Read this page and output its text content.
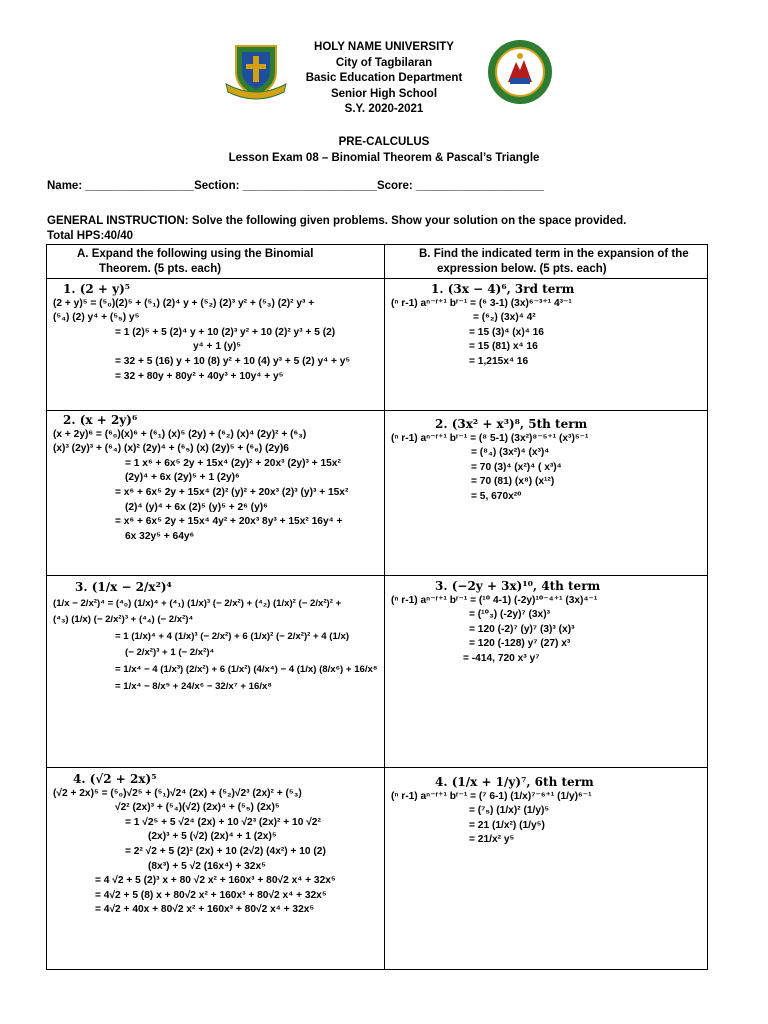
HOLY NAME UNIVERSITY
City of Tagbilaran
Basic Education Department
Senior High School
S.Y. 2020-2021
PRE-CALCULUS
Lesson Exam 08 – Binomial Theorem & Pascal’s Triangle
Name: _________________Section: _____________________Score: ____________________
GENERAL INSTRUCTION: Solve the following given problems. Show your solution on the space provided.
Total HPS:40/40
A. Expand the following using the Binomial
Theorem. (5 pts. each)
B. Find the indicated term in the expansion of the
expression below. (5 pts. each)
1. (2 + y)⁵
(2 + y)⁵ = (⁵₀)(2)⁵ + (⁵₁) (2)⁴ y + (⁵₂) (2)³ y² + (⁵₃) (2)² y³ +
(⁵₄) (2) y⁴ + (⁵₅) y⁵
= 1 (2)⁵ + 5 (2)⁴ y + 10 (2)³ y² + 10 (2)² y³ + 5 (2)
y⁴ + 1 (y)⁵
= 32 + 5 (16) y + 10 (8) y² + 10 (4) y³ + 5 (2) y⁴ + y⁵
= 32 + 80y + 80y² + 40y³ + 10y⁴ + y⁵
2. (x + 2y)⁶
(x + 2y)⁶ = (⁶₀)(x)⁶ + (⁶₁) (x)⁵ (2y) + (⁶₂) (x)⁴ (2y)² + (⁶₃)
(x)³ (2y)³ + (⁶₄) (x)² (2y)⁴ + (⁶₅) (x) (2y)⁵ + (⁶₆) (2y)6
= 1 x⁶ + 6x⁵ 2y + 15x⁴ (2y)² + 20x³ (2y)³ + 15x²
(2y)⁴ + 6x (2y)⁵ + 1 (2y)⁶
= x⁶ + 6x⁵ 2y + 15x⁴ (2)² (y)² + 20x³ (2)³ (y)³ + 15x²
(2)⁴ (y)⁴ + 6x (2)⁵ (y)⁵ + 2⁶ (y)⁶
= x⁶ + 6x⁵ 2y + 15x⁴ 4y² + 20x³ 8y³ + 15x² 16y⁴ +
6x 32y⁵ + 64y⁶
3. (1/x − 2/x²)⁴
(1/x − 2/x²)⁴ = (⁴₀) (1/x)⁴ + (⁴₁) (1/x)³ (− 2/x²) + (⁴₂) (1/x)² (− 2/x²)² +
(⁴₃) (1/x) (− 2/x²)³ + (⁴₄) (− 2/x²)⁴
= 1 (1/x)⁴ + 4 (1/x)³ (− 2/x²) + 6 (1/x)² (− 2/x²)² + 4 (1/x)
(− 2/x²)³ + 1 (− 2/x²)⁴
= 1/x⁴ − 4 (1/x³) (2/x²) + 6 (1/x²) (4/x⁴) − 4 (1/x) (8/x⁶) + 16/x⁸
= 1/x⁴ − 8/x⁵ + 24/x⁶ − 32/x⁷ + 16/x⁸
4. (√2 + 2x)⁵
(√2 + 2x)⁵ = (⁵₀)√2⁵ + (⁵₁)√2⁴ (2x) + (⁵₂)√2³ (2x)² + (⁵₃)
√2² (2x)³ + (⁵₄)(√2) (2x)⁴ + (⁵₅) (2x)⁵
= 1 √2⁵ + 5 √2⁴ (2x) + 10 √2³ (2x)² + 10 √2²
(2x)³ + 5 (√2) (2x)⁴ + 1 (2x)⁵
= 2² √2 + 5 (2)² (2x) + 10 (2√2) (4x²) + 10 (2)
(8x³) + 5 √2 (16x⁴) + 32x⁵
= 4 √2 + 5 (2)³ x + 80 √2 x² + 160x³ + 80√2 x⁴ + 32x⁵
= 4√2 + 5 (8) x + 80√2 x² + 160x³ + 80√2 x⁴ + 32x⁵
= 4√2 + 40x + 80√2 x² + 160x³ + 80√2 x⁴ + 32x⁵
1. (3x − 4)⁶, 3rd term
(ⁿ r-1) aⁿ⁻ʳ⁺¹ bʳ⁻¹ = (⁶ 3-1) (3x)⁶⁻³⁺¹ 4³⁻¹
= (⁶₂) (3x)⁴ 4²
= 15 (3)⁴ (x)⁴ 16
= 15 (81) x⁴ 16
= 1,215x⁴ 16
2. (3x² + x³)⁸, 5th term
(ⁿ r-1) aⁿ⁻ʳ⁺¹ bʳ⁻¹ = (⁸ 5-1) (3x²)⁸⁻⁵⁺¹ (x³)⁵⁻¹
= (⁸₄) (3x²)⁴ (x³)⁴
= 70 (3)⁴ (x²)⁴ ( x³)⁴
= 70 (81) (x⁸) (x¹²)
= 5, 670x²⁰
3. (−2y + 3x)¹⁰, 4th term
(ⁿ r-1) aⁿ⁻ʳ⁺¹ bʳ⁻¹ = (¹⁰ 4-1) (-2y)¹⁰⁻⁴⁺¹ (3x)⁴⁻¹
= (¹⁰₃) (-2y)⁷ (3x)³
= 120 (-2)⁷ (y)⁷ (3)³ (x)³
= 120 (-128) y⁷ (27) x³
= -414, 720 x³ y⁷
4. (1/x + 1/y)⁷, 6th term
(ⁿ r-1) aⁿ⁻ʳ⁺¹ bʳ⁻¹ = (⁷ 6-1) (1/x)⁷⁻⁶⁺¹ (1/y)⁶⁻¹
= (⁷₅) (1/x)² (1/y)⁵
= 21 (1/x²) (1/y⁵)
= 21/x² y⁵
